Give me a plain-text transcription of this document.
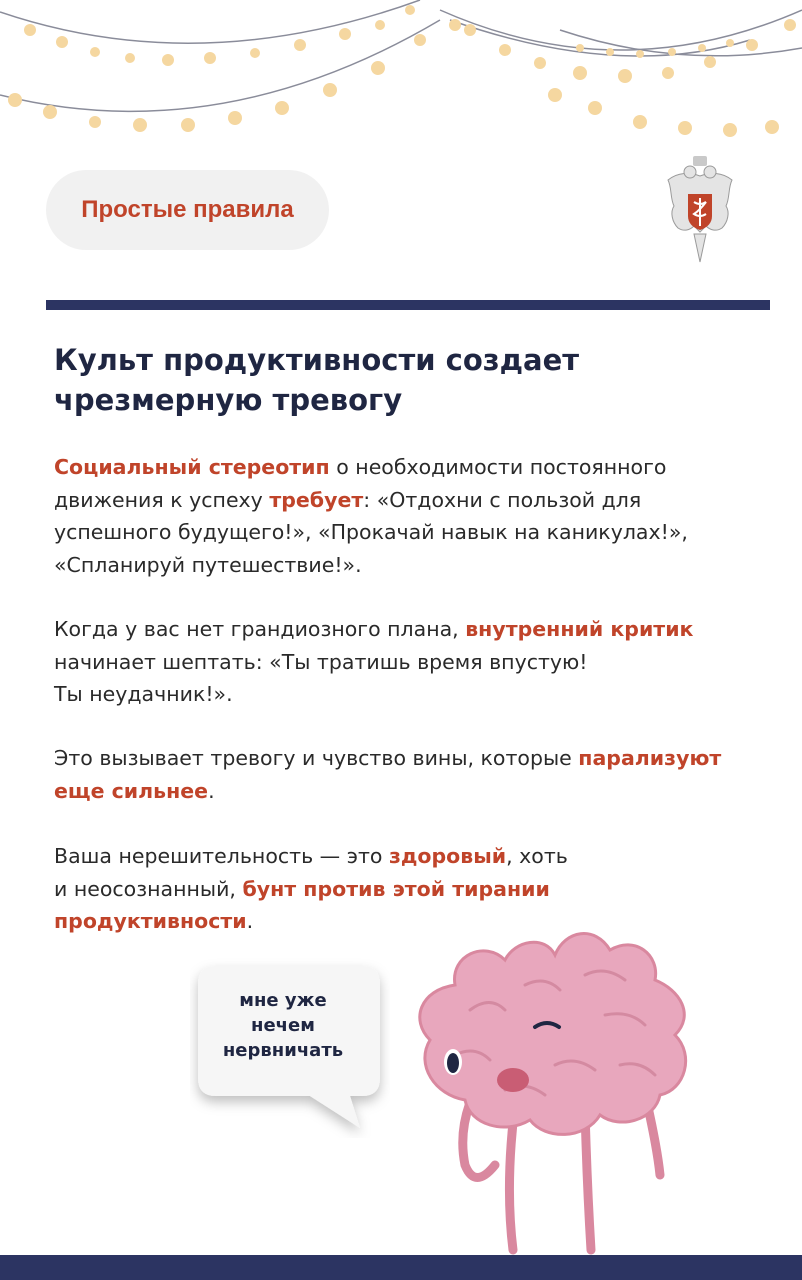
Простые правила
Культ продуктивности создает
чрезмерную тревогу

Социальный стереотип о необходимости постоянного
движения к успеху требует: «Отдохни с пользой для
успешного будущего!», «Прокачай навык на каникулах!»,
«Спланируй путешествие!».

Когда у вас нет грандиозного плана, внутренний критик
начинает шептать: «Ты тратишь время впустую!
Ты неудачник!».

Это вызывает тревогу и чувство вины, которые парализуют
еще сильнее.

Ваша нерешительность — это здоровый, хоть
и неосознанный, бунт против этой тирании
продуктивности.

мне уже
нечем
нервничать
